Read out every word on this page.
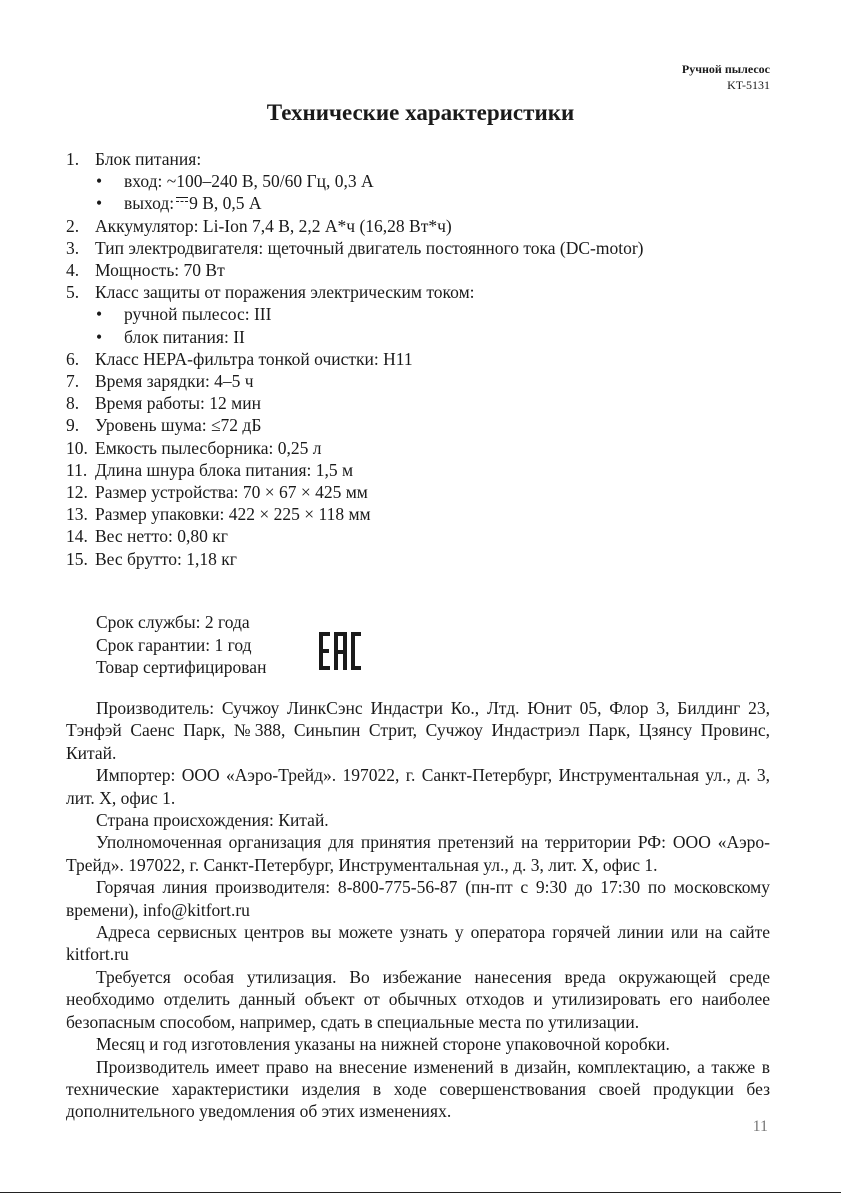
Ручной пылесос
KT-5131
Технические характеристики
1. Блок питания:
• вход: ~100–240 В, 50/60 Гц, 0,3 А
• выход: 9 В, 0,5 А
2. Аккумулятор: Li-Ion 7,4 В, 2,2 А*ч (16,28 Вт*ч)
3. Тип электродвигателя: щеточный двигатель постоянного тока (DC-motor)
4. Мощность: 70 Вт
5. Класс защиты от поражения электрическим током:
• ручной пылесос: III
• блок питания: II
6. Класс HEPA-фильтра тонкой очистки: H11
7. Время зарядки: 4–5 ч
8. Время работы: 12 мин
9. Уровень шума: ≤72 дБ
10. Емкость пылесборника: 0,25 л
11. Длина шнура блока питания: 1,5 м
12. Размер устройства: 70 × 67 × 425 мм
13. Размер упаковки: 422 × 225 × 118 мм
14. Вес нетто: 0,80 кг
15. Вес брутто: 1,18 кг
Срок службы: 2 года
Срок гарантии: 1 год
Товар сертифицирован

Производитель: Сучжоу ЛинкСэнс Индастри Ко., Лтд. Юнит 05, Флор 3, Билдинг 23, Тэнфэй Саенс Парк, №388, Синьпин Стрит, Сучжоу Индастриэл Парк, Цзянсу Провинс, Китай.

Импортер: ООО «Аэро-Трейд». 197022, г. Санкт-Петербург, Инструментальная ул., д. 3, лит. Х, офис 1.

Страна происхождения: Китай.

Уполномоченная организация для принятия претензий на территории РФ: ООО «Аэро-Трейд». 197022, г. Санкт-Петербург, Инструментальная ул., д. 3, лит. Х, офис 1.

Горячая линия производителя: 8-800-775-56-87 (пн-пт с 9:30 до 17:30 по московскому времени), info@kitfort.ru

Адреса сервисных центров вы можете узнать у оператора горячей линии или на сайте kitfort.ru

Требуется особая утилизация. Во избежание нанесения вреда окружающей среде необходимо отделить данный объект от обычных отходов и утилизировать его наиболее безопасным способом, например, сдать в специальные места по утилизации.

Месяц и год изготовления указаны на нижней стороне упаковочной коробки.

Производитель имеет право на внесение изменений в дизайн, комплектацию, а также в технические характеристики изделия в ходе совершенствования своей продукции без дополнительного уведомления об этих изменениях.

11
